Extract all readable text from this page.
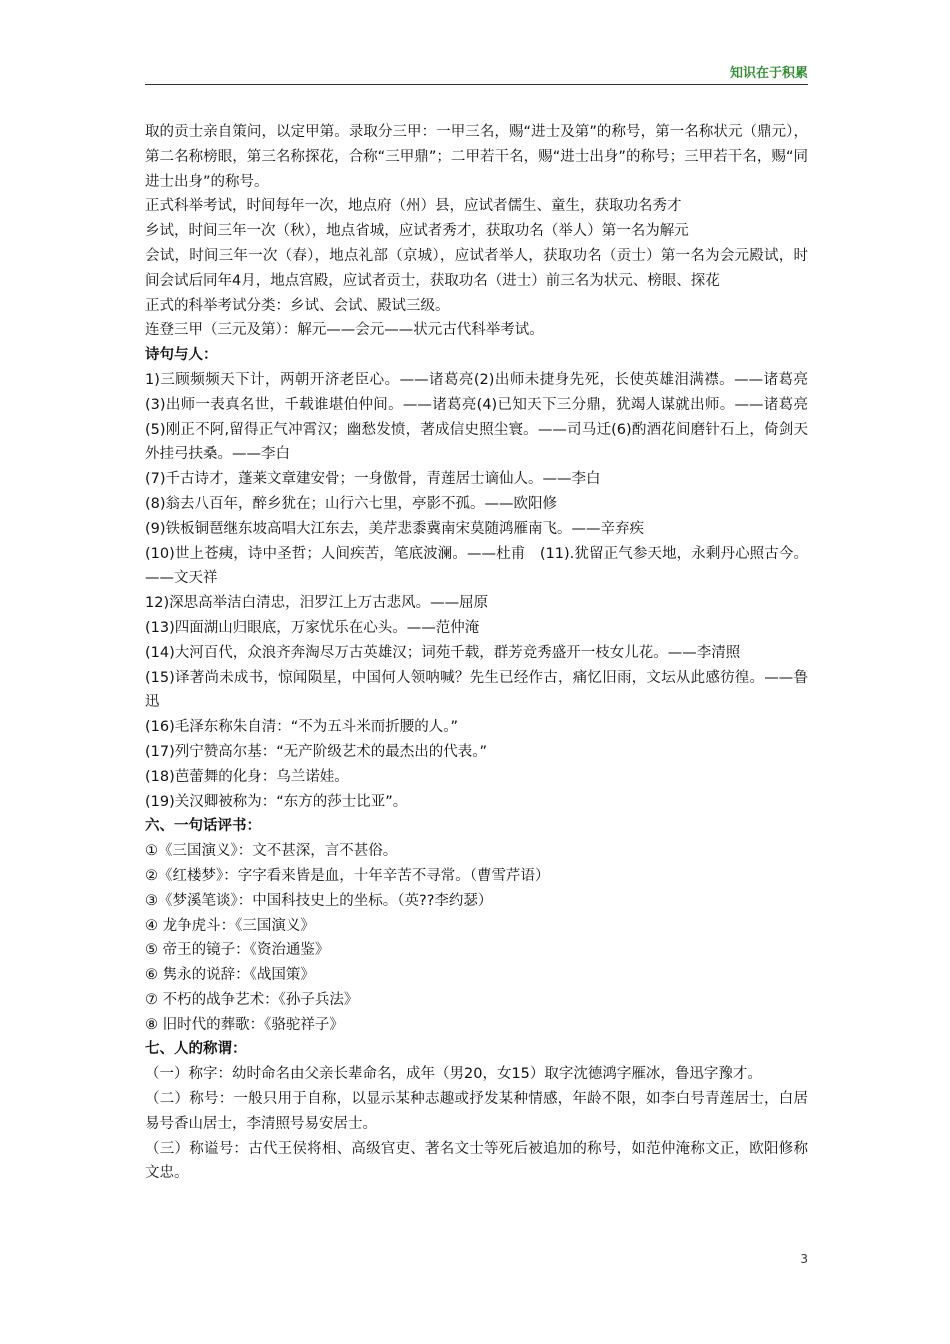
知识在于积累

取的贡士亲自策问，以定甲第。录取分三甲：一甲三名，赐“进士及第”的称号，第一名称状元（鼎元），第二名称榜眼，第三名称探花，合称“三甲鼎”；二甲若干名，赐“进士出身”的称号；三甲若干名，赐“同进士出身”的称号。

正式科举考试，时间每年一次，地点府（州）县，应试者儒生、童生，获取功名秀才

乡试，时间三年一次（秋），地点省城，应试者秀才，获取功名（举人）第一名为解元

会试，时间三年一次（春），地点礼部（京城），应试者举人，获取功名（贡士）第一名为会元殿试，时间会试后同年4月，地点宫殿，应试者贡士，获取功名（进士）前三名为状元、榜眼、探花

正式的科举考试分类：乡试、会试、殿试三级。

连登三甲（三元及第）：解元——会元——状元古代科举考试。

诗句与人：

1)三顾频频天下计，两朝开济老臣心。——诸葛亮(2)出师未捷身先死，长使英雄泪满襟。——诸葛亮　(3)出师一表真名世，千载谁堪伯仲间。——诸葛亮(4)已知天下三分鼎，犹竭人谋就出师。——诸葛亮(5)刚正不阿,留得正气冲霄汉；幽愁发愤，著成信史照尘寰。——司马迁(6)酌酒花间磨针石上，倚剑天外挂弓扶桑。——李白

(7)千古诗才，蓬莱文章建安骨；一身傲骨，青莲居士谪仙人。——李白

(8)翁去八百年，醉乡犹在；山行六七里，亭影不孤。——欧阳修

(9)铁板铜琶继东坡高唱大江东去，美芹悲黍冀南宋莫随鸿雁南飞。——辛弃疾

(10)世上苍痍，诗中圣哲；人间疾苦，笔底波澜。——杜甫　(11).犹留正气参天地，永剩丹心照古今。——文天祥

12)深思高举洁白清忠，汨罗江上万古悲风。——屈原

(13)四面湖山归眼底，万家忧乐在心头。——范仲淹

(14)大河百代，众浪齐奔淘尽万古英雄汉；词苑千载，群芳竞秀盛开一枝女儿花。——李清照

(15)译著尚未成书，惊闻陨星，中国何人领呐喊？先生已经作古，痛忆旧雨，文坛从此感彷徨。——鲁迅

(16)毛泽东称朱自清：“不为五斗米而折腰的人。”

(17)列宁赞高尔基：“无产阶级艺术的最杰出的代表。”

(18)芭蕾舞的化身：乌兰诺娃。

(19)关汉卿被称为：“东方的莎士比亚”。

六、一句话评书：

①《三国演义》：文不甚深，言不甚俗。

②《红楼梦》：字字看来皆是血，十年辛苦不寻常。（曹雪芹语）

③《梦溪笔谈》：中国科技史上的坐标。（英??李约瑟）

④ 龙争虎斗：《三国演义》

⑤ 帝王的镜子：《资治通鉴》

⑥ 隽永的说辞：《战国策》

⑦ 不朽的战争艺术：《孙子兵法》

⑧ 旧时代的葬歌：《骆驼祥子》

七、人的称谓：

（一）称字：幼时命名由父亲长辈命名，成年（男20，女15）取字沈德鸿字雁冰，鲁迅字豫才。

（二）称号：一般只用于自称，以显示某种志趣或抒发某种情感，年龄不限，如李白号青莲居士，白居易号香山居士，李清照号易安居士。

（三）称谥号：古代王侯将相、高级官吏、著名文士等死后被追加的称号，如范仲淹称文正，欧阳修称文忠。

3
